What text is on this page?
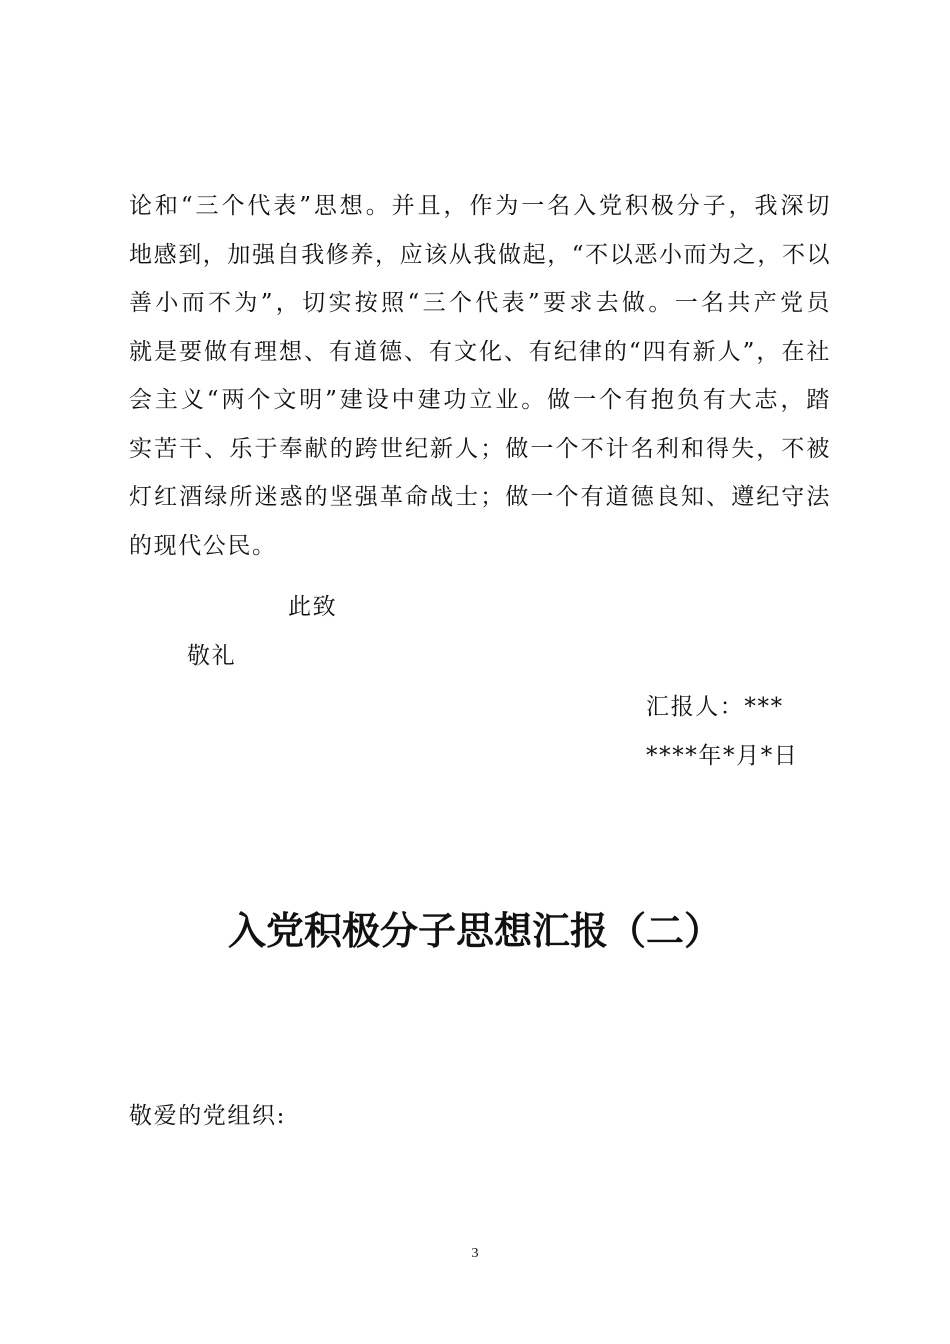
论和“三个代表”思想。并且，作为一名入党积极分子，我深切
地感到，加强自我修养，应该从我做起，“不以恶小而为之，不以
善小而不为”，切实按照“三个代表”要求去做。一名共产党员
就是要做有理想、有道德、有文化、有纪律的“四有新人”，在社
会主义“两个文明”建设中建功立业。做一个有抱负有大志，踏
实苦干、乐于奉献的跨世纪新人；做一个不计名利和得失，不被
灯红酒绿所迷惑的坚强革命战士；做一个有道德良知、遵纪守法
的现代公民。

此致

敬礼

汇报人：***

****年*月*日

入党积极分子思想汇报（二）

敬爱的党组织:

3
